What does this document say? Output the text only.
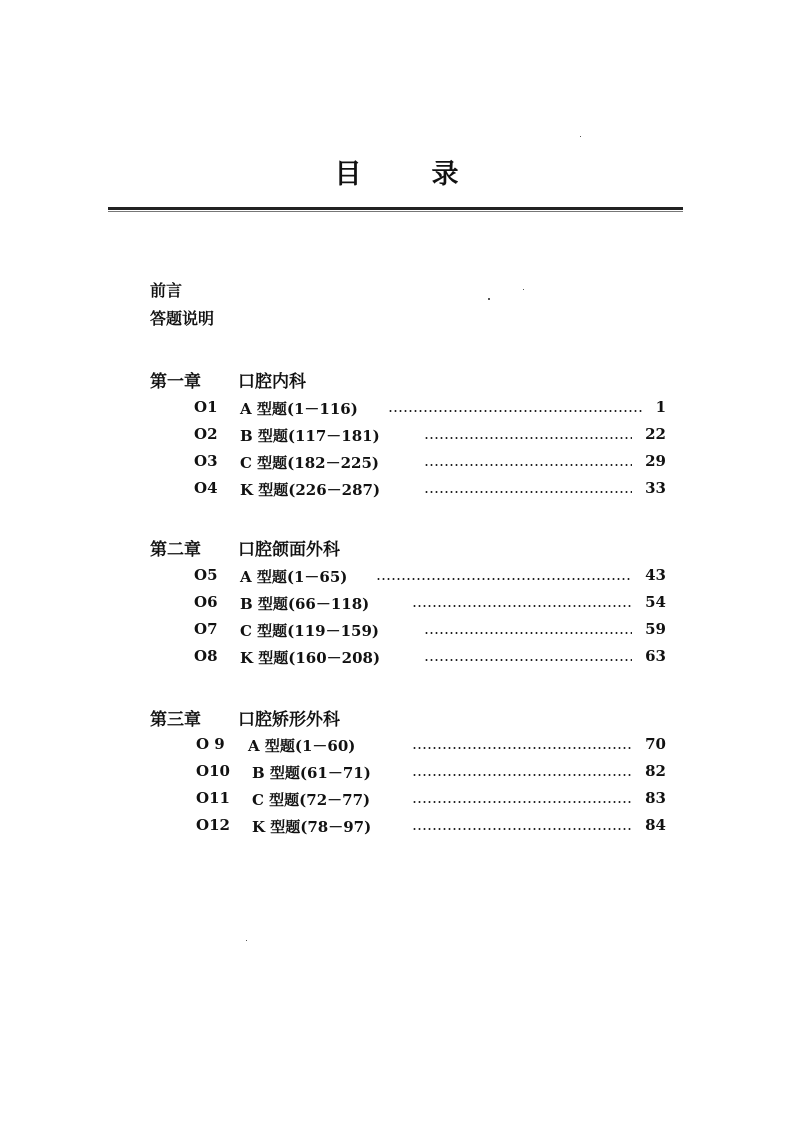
目	录
前言
答题说明
第一章	口腔内科
O1 A 型题(1－116)	1
O2 B 型题(117－181)	22
O3 C 型题(182－225)	29
O4 K 型题(226－287)	33
第二章	口腔颌面外科
O5 A 型题(1－65)	43
O6 B 型题(66－118)	54
O7 C 型题(119－159)	59
O8 K 型题(160－208)	63
第三章	口腔矫形外科
O 9 A 型题(1－60)	70
O10 B 型题(61－71)	82
O11 C 型题(72－77)	83
O12 K 型题(78－97)	84
